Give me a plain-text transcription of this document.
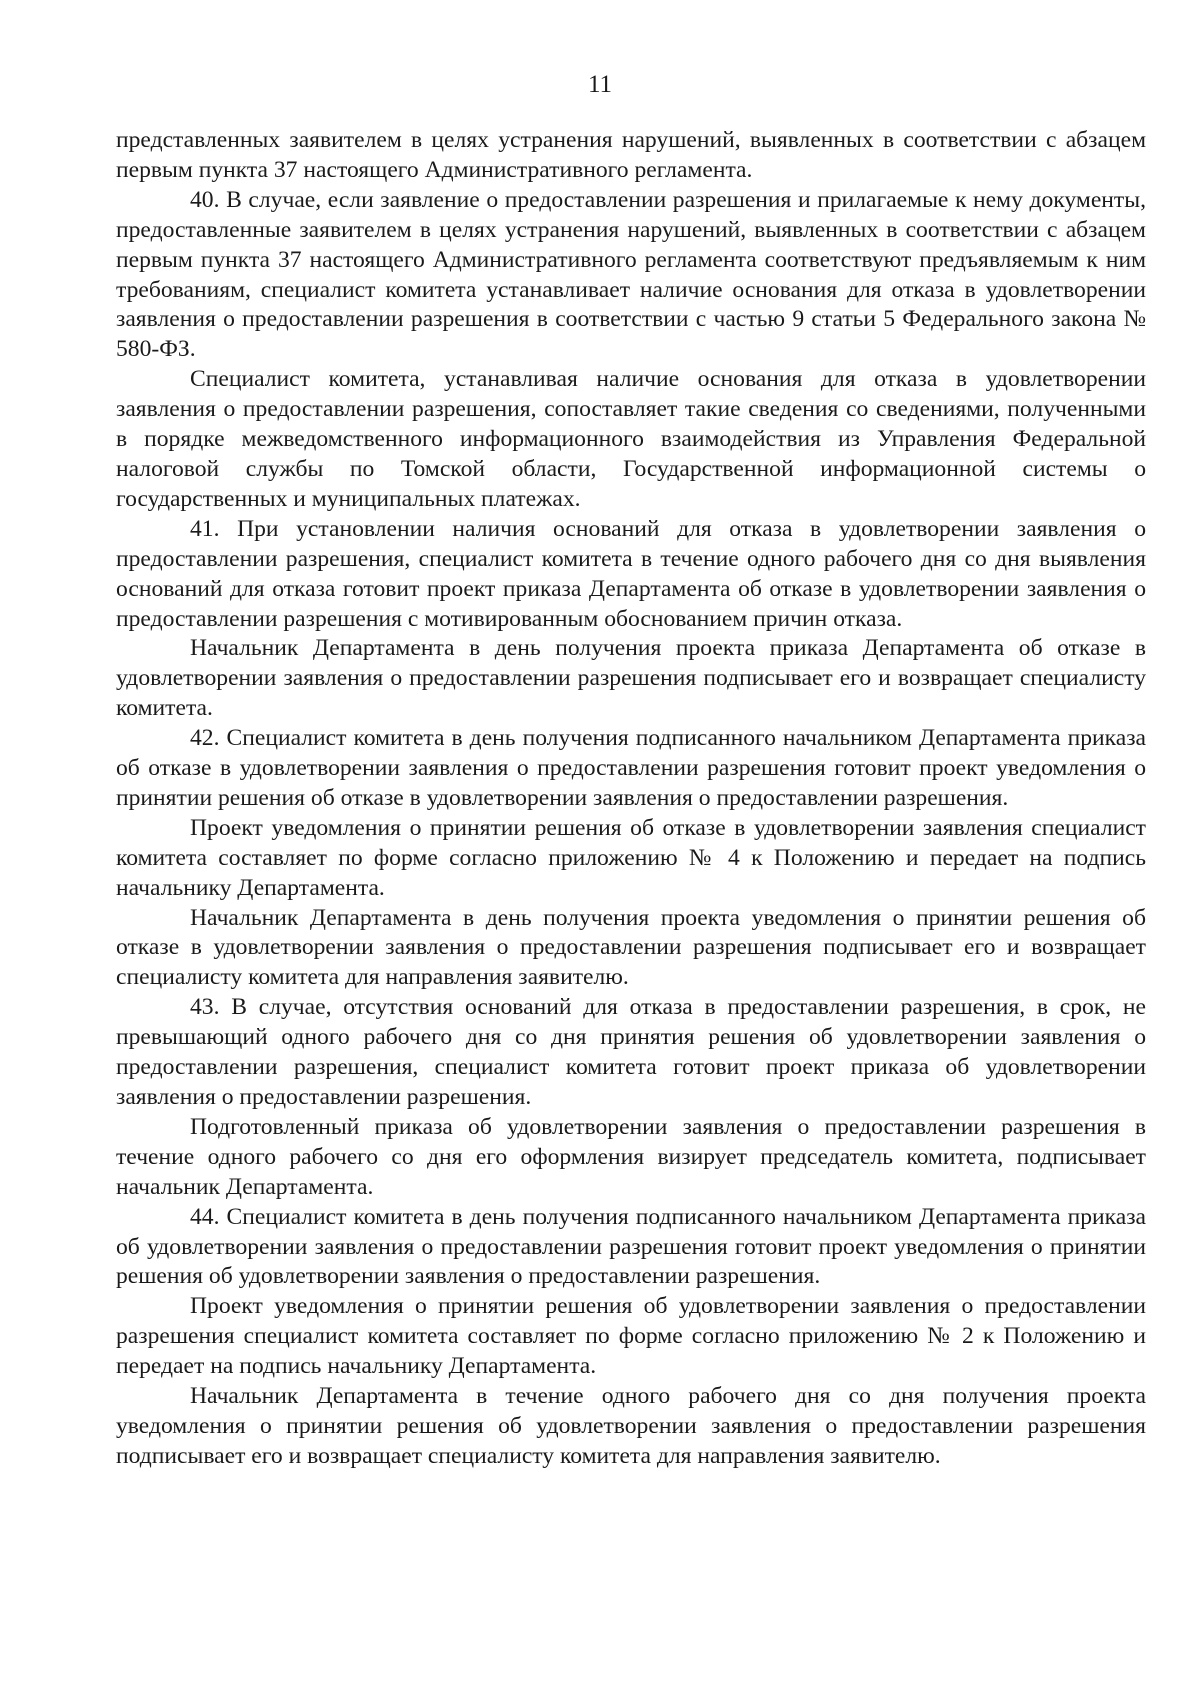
11

представленных заявителем в целях устранения нарушений, выявленных в соответствии с абзацем первым пункта 37 настоящего Административного регламента.

40. В случае, если заявление о предоставлении разрешения и прилагаемые к нему документы, предоставленные заявителем в целях устранения нарушений, выявленных в соответствии с абзацем первым пункта 37 настоящего Административного регламента соответствуют предъявляемым к ним требованиям, специалист комитета устанавливает наличие основания для отказа в удовлетворении заявления о предоставлении разрешения в соответствии с частью 9 статьи 5 Федерального закона № 580-ФЗ.

Специалист комитета, устанавливая наличие основания для отказа в удовлетворении заявления о предоставлении разрешения, сопоставляет такие сведения со сведениями, полученными в порядке межведомственного информационного взаимодействия из Управления Федеральной налоговой службы по Томской области, Государственной информационной системы о государственных и муниципальных платежах.

41. При установлении наличия оснований для отказа в удовлетворении заявления о предоставлении разрешения, специалист комитета в течение одного рабочего дня со дня выявления оснований для отказа готовит проект приказа Департамента об отказе в удовлетворении заявления о предоставлении разрешения с мотивированным обоснованием причин отказа.

Начальник Департамента в день получения проекта приказа Департамента об отказе в удовлетворении заявления о предоставлении разрешения подписывает его и возвращает специалисту комитета.

42. Специалист комитета в день получения подписанного начальником Департамента приказа об отказе в удовлетворении заявления о предоставлении разрешения готовит проект уведомления о принятии решения об отказе в удовлетворении заявления о предоставлении разрешения.

Проект уведомления о принятии решения об отказе в удовлетворении заявления специалист комитета составляет по форме согласно приложению № 4 к Положению и передает на подпись начальнику Департамента.

Начальник Департамента в день получения проекта уведомления о принятии решения об отказе в удовлетворении заявления о предоставлении разрешения подписывает его и возвращает специалисту комитета для направления заявителю.

43. В случае, отсутствия оснований для отказа в предоставлении разрешения, в срок, не превышающий одного рабочего дня со дня принятия решения об удовлетворении заявления о предоставлении разрешения, специалист комитета готовит проект приказа об удовлетворении заявления о предоставлении разрешения.

Подготовленный приказа об удовлетворении заявления о предоставлении разрешения в течение одного рабочего со дня его оформления визирует председатель комитета, подписывает начальник Департамента.

44. Специалист комитета в день получения подписанного начальником Департамента приказа об удовлетворении заявления о предоставлении разрешения готовит проект уведомления о принятии решения об удовлетворении заявления о предоставлении разрешения.

Проект уведомления о принятии решения об удовлетворении заявления о предоставлении разрешения специалист комитета составляет по форме согласно приложению № 2 к Положению и передает на подпись начальнику Департамента.

Начальник Департамента в течение одного рабочего дня со дня получения проекта уведомления о принятии решения об удовлетворении заявления о предоставлении разрешения подписывает его и возвращает специалисту комитета для направления заявителю.
